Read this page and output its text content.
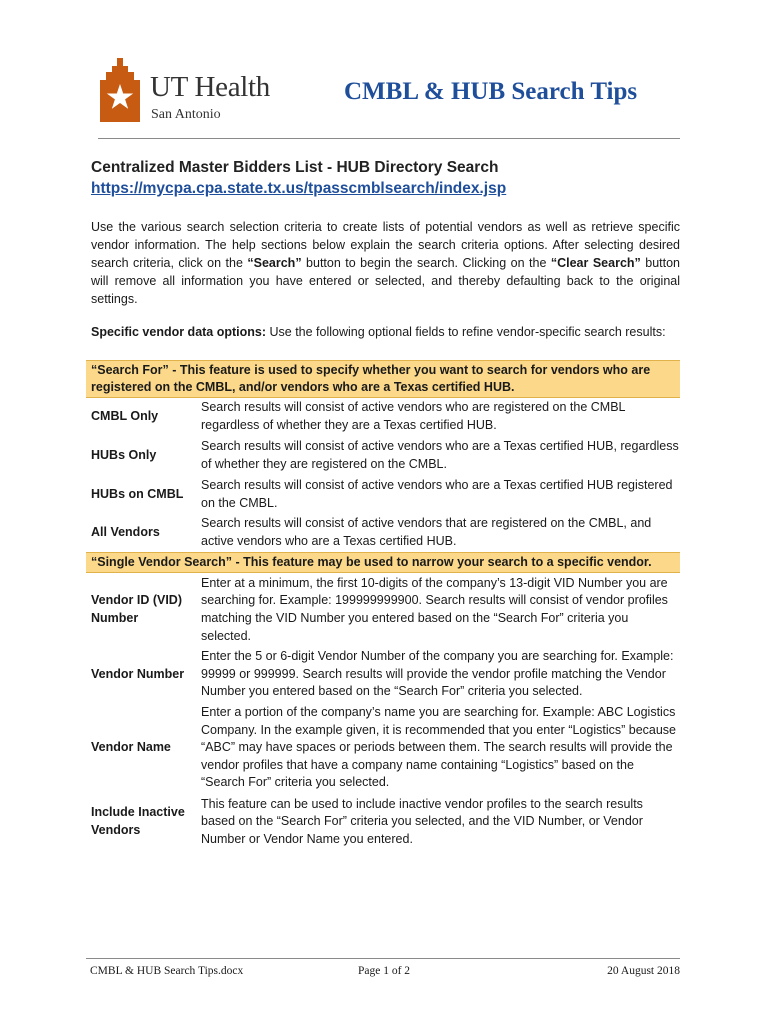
UT Health
San Antonio
CMBL & HUB Search Tips
Centralized Master Bidders List - HUB Directory Search
https://mycpa.cpa.state.tx.us/tpasscmblsearch/index.jsp

Use the various search selection criteria to create lists of potential vendors as well as retrieve specific vendor information. The help sections below explain the search criteria options. After selecting desired search criteria, click on the “Search” button to begin the search. Clicking on the “Clear Search” button will remove all information you have entered or selected, and thereby defaulting back to the original settings.

Specific vendor data options: Use the following optional fields to refine vendor-specific search results:

“Search For” - This feature is used to specify whether you want to search for vendors who are registered on the CMBL, and/or vendors who are a Texas certified HUB.
CMBL Only
Search results will consist of active vendors who are registered on the CMBL regardless of whether they are a Texas certified HUB.
HUBs Only
Search results will consist of active vendors who are a Texas certified HUB, regardless of whether they are registered on the CMBL.
HUBs on CMBL
Search results will consist of active vendors who are a Texas certified HUB registered on the CMBL.
All Vendors
Search results will consist of active vendors that are registered on the CMBL, and active vendors who are a Texas certified HUB.
“Single Vendor Search” - This feature may be used to narrow your search to a specific vendor.
Vendor ID (VID) Number
Enter at a minimum, the first 10-digits of the company’s 13-digit VID Number you are searching for. Example: 199999999900. Search results will consist of vendor profiles matching the VID Number you entered based on the “Search For” criteria you selected.
Vendor Number
Enter the 5 or 6-digit Vendor Number of the company you are searching for. Example: 99999 or 999999. Search results will provide the vendor profile matching the Vendor Number you entered based on the “Search For” criteria you selected.
Vendor Name
Enter a portion of the company’s name you are searching for. Example: ABC Logistics Company. In the example given, it is recommended that you enter “Logistics” because “ABC” may have spaces or periods between them. The search results will provide the vendor profiles that have a company name containing “Logistics” based on the “Search For” criteria you selected.
Include Inactive Vendors
This feature can be used to include inactive vendor profiles to the search results based on the “Search For” criteria you selected, and the VID Number, or Vendor Number or Vendor Name you entered.
CMBL & HUB Search Tips.docx	Page 1 of 2	20 August 2018
